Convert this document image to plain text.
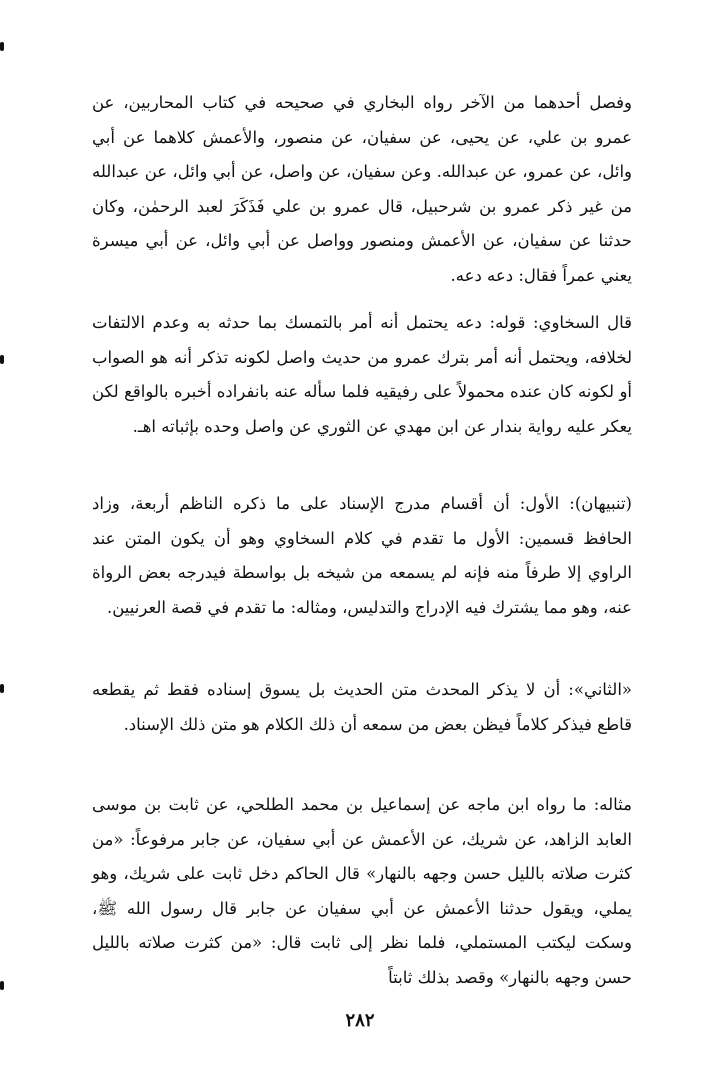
وفصل أحدهما من الآخر رواه البخاري في صحيحه في كتاب المحاربين، عن عمرو بن علي، عن يحيى، عن سفيان، عن منصور، والأعمش كلاهما عن أبي وائل، عن عمرو، عن عبدالله. وعن سفيان، عن واصل، عن أبي وائل، عن عبدالله من غير ذكر عمرو بن شرحبيل، قال عمرو بن علي فَذَكَرَ لعبد الرحمٰن، وكان حدثنا عن سفيان، عن الأعمش ومنصور وواصل عن أبي وائل، عن أبي ميسرة يعني عمراً فقال: دعه دعه.

قال السخاوي: قوله: دعه يحتمل أنه أمر بالتمسك بما حدثه به وعدم الالتفات لخلافه، ويحتمل أنه أمر بترك عمرو من حديث واصل لكونه تذكر أنه هو الصواب أو لكونه كان عنده محمولاً على رفيقيه فلما سأله عنه بانفراده أخبره بالواقع لكن يعكر عليه رواية بندار عن ابن مهدي عن الثوري عن واصل وحده بإثباته اهـ.

(تنبيهان): الأول: أن أقسام مدرج الإسناد على ما ذكره الناظم أربعة، وزاد الحافظ قسمين: الأول ما تقدم في كلام السخاوي وهو أن يكون المتن عند الراوي إلا طرفاً منه فإنه لم يسمعه من شيخه بل بواسطة فيدرجه بعض الرواة عنه، وهو مما يشترك فيه الإدراج والتدليس، ومثاله: ما تقدم في قصة العرنيين.

«الثاني»: أن لا يذكر المحدث متن الحديث بل يسوق إسناده فقط ثم يقطعه قاطع فيذكر كلاماً فيظن بعض من سمعه أن ذلك الكلام هو متن ذلك الإسناد.

مثاله: ما رواه ابن ماجه عن إسماعيل بن محمد الطلحي، عن ثابت بن موسى العابد الزاهد، عن شريك، عن الأعمش عن أبي سفيان، عن جابر مرفوعاً: «من كثرت صلاته بالليل حسن وجهه بالنهار» قال الحاكم دخل ثابت على شريك، وهو يملي، ويقول حدثنا الأعمش عن أبي سفيان عن جابر قال رسول الله ﷺ، وسكت ليكتب المستملي، فلما نظر إلى ثابت قال: «من كثرت صلاته بالليل حسن وجهه بالنهار» وقصد بذلك ثابتاً

٢٨٢
